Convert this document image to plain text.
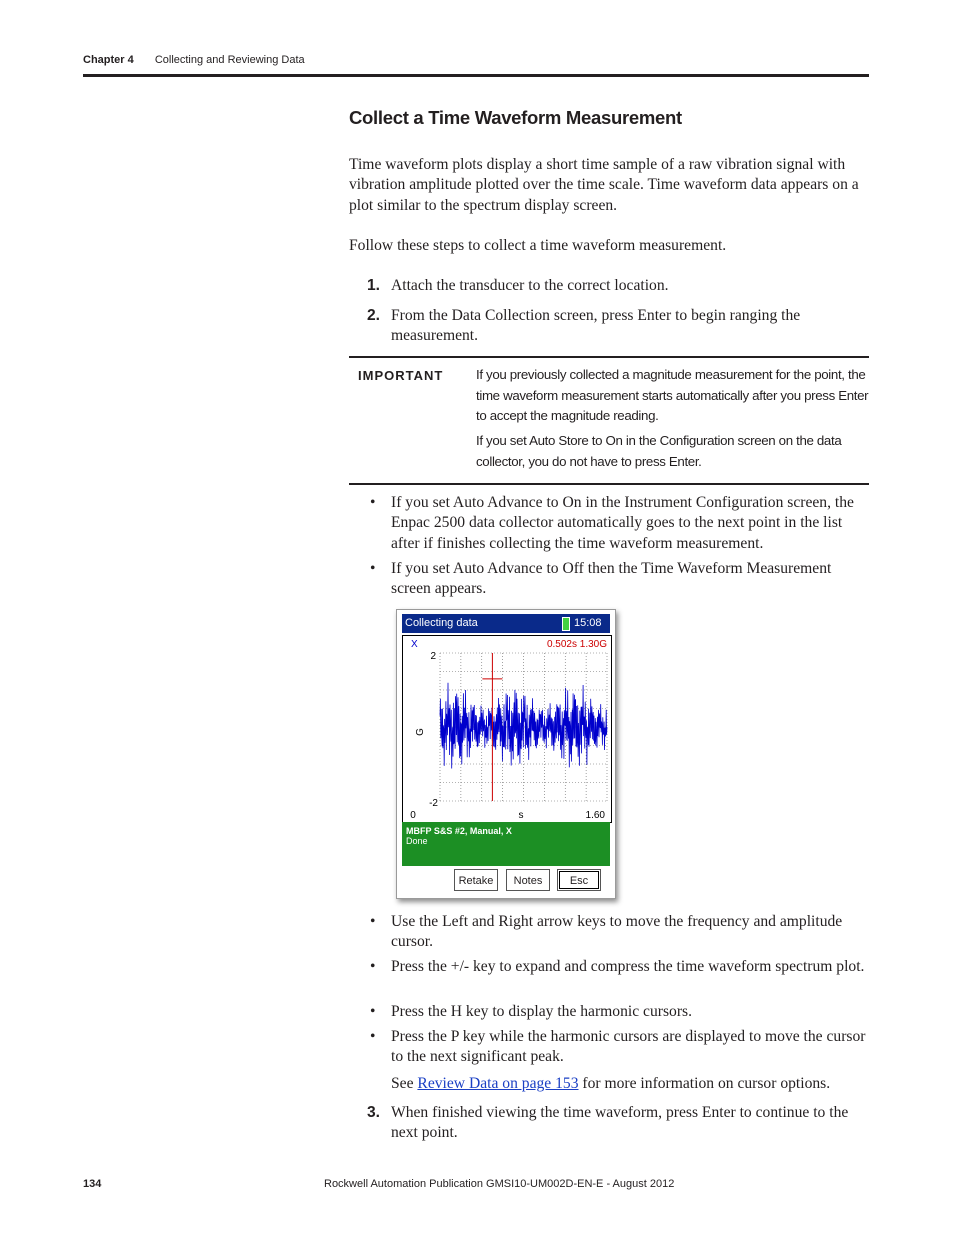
Chapter 4 Collecting and Reviewing Data
Collect a Time Waveform Measurement
Time waveform plots display a short time sample of a raw vibration signal with vibration amplitude plotted over the time scale. Time waveform data appears on a plot similar to the spectrum display screen.
Follow these steps to collect a time waveform measurement.
1. Attach the transducer to the correct location.
2. From the Data Collection screen, press Enter to begin ranging the measurement.
IMPORTANT If you previously collected a magnitude measurement for the point, the time waveform measurement starts automatically after you press Enter to accept the magnitude reading.
If you set Auto Store to On in the Configuration screen on the data collector, you do not have to press Enter.
• If you set Auto Advance to On in the Instrument Configuration screen, the Enpac 2500 data collector automatically goes to the next point in the list after if finishes collecting the time waveform measurement.
• If you set Auto Advance to Off then the Time Waveform Measurement screen appears.
Collecting data	15:08
X	0.502s 1.30G
2
-2
G
0	s	1.60
MBFP S&S #2, Manual, X
Done
Retake	Notes	Esc
• Use the Left and Right arrow keys to move the frequency and amplitude cursor.
• Press the +/- key to expand and compress the time waveform spectrum plot.
• Press the H key to display the harmonic cursors.
• Press the P key while the harmonic cursors are displayed to move the cursor to the next significant peak.
See Review Data on page 153 for more information on cursor options.
3. When finished viewing the time waveform, press Enter to continue to the next point.
134	Rockwell Automation Publication GMSI10-UM002D-EN-E - August 2012
